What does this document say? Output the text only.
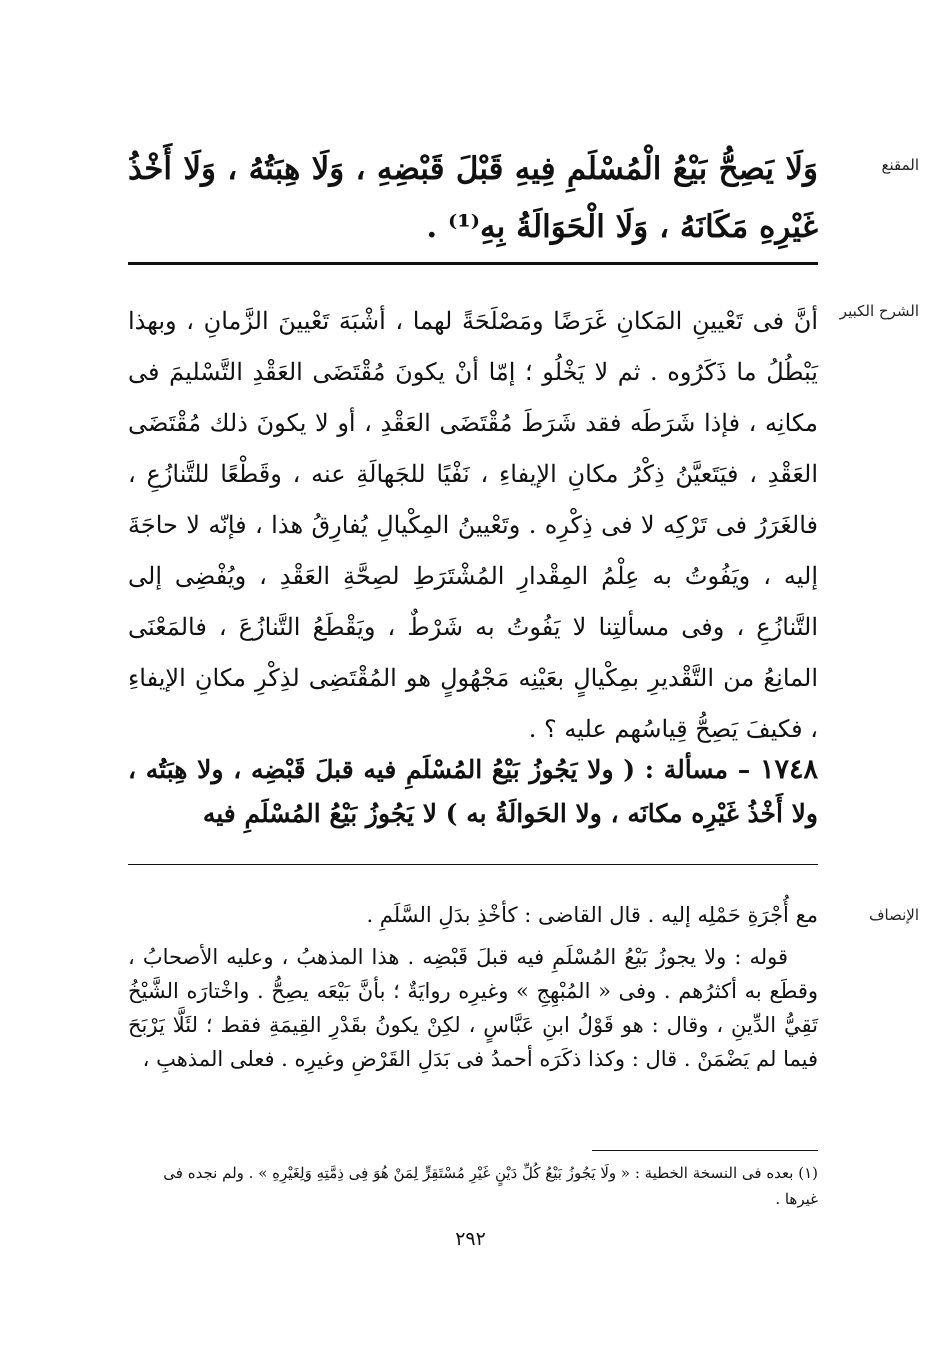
المقنع
وَلَا يَصِحُّ بَيْعُ الْمُسْلَمِ فِيهِ قَبْلَ قَبْضِهِ ، وَلَا هِبَتُهُ ، وَلَا أَخْذُ غَيْرِهِ مَكَانَهُ ، وَلَا الْحَوَالَةُ بِهِ⁽¹⁾ .
الشرح الكبير
أنَّ فى تَعْيينِ المَكانِ غَرَضًا ومَصْلَحَةً لهما ، أشْبَهَ تَعْيينَ الزَّمانِ ، وبهذا يَبْطُلُ ما ذَكَرُوه . ثم لا يَخْلُو ؛ إمّا أنْ يكونَ مُقْتَضَى العَقْدِ التَّسْليمَ فى مكانِه ، فإذا شَرَطَه فقد شَرَطَ مُقْتَضَى العَقْدِ ، أو لا يكونَ ذلك مُقْتَضَى العَقْدِ ، فيَتَعيَّنُ ذِكْرُ مكانِ الإيفاءِ ، نَفْيًا للجَهالَةِ عنه ، وقَطْعًا للتَّنازُعِ ، فالغَرَرُ فى تَرْكِه لا فى ذِكْرِه . وتَعْيينُ المِكْيالِ يُفارِقُ هذا ، فإنّه لا حاجَةَ إليه ، ويَفُوتُ به عِلْمُ المِقْدارِ المُشْتَرَطِ لصِحَّةِ العَقْدِ ، ويُفْضِى إلى التَّنازُعِ ، وفى مسألتِنا لا يَفُوتُ به شَرْطٌ ، ويَقْطَعُ التَّنازُعَ ، فالمَعْنَى المانِعُ من التَّقْديرِ بمِكْيالٍ بعَيْنِه مَجْهُولٍ هو المُقْتَضِى لذِكْرِ مكانِ الإيفاءِ ، فكيفَ يَصِحُّ قِياسُهم عليه ؟ .
١٧٤٨ – مسألة : ( ولا يَجُوزُ بَيْعُ المُسْلَمِ فيه قبلَ قَبْضِه ، ولا هِبَتُه ، ولا أَخْذُ غَيْرِه مكانَه ، ولا الحَوالَةُ به ) لا يَجُوزُ بَيْعُ المُسْلَمِ فيه
الإنصاف

مع أُجْرَةِ حَمْلِه إليه . قال القاضى : كأخْذِ بدَلِ السَّلَمِ .

قوله : ولا يجوزُ بَيْعُ المُسْلَمِ فيه قبلَ قَبْضِه . هذا المذهبُ ، وعليه الأصحابُ ، وقطَع به أكثرُهم . وفى « المُبْهِجِ » وغيرِه روايَةٌ ؛ بأنَّ بَيْعَه يصِحُّ . واخْتارَه الشَّيْخُ تَقِيُّ الدِّينِ ، وقال : هو قَوْلُ ابنِ عَبَّاسٍ ، لكِنْ يكونُ بقَدْرِ القِيمَةِ فقط ؛ لئَلَّا يَرْبَحَ فيما لم يَضْمَنْ . قال : وكذا ذكَرَه أحمدُ فى بَدَلِ القَرْضِ وغيرِه . فعلى المذهبِ ،

(١) بعده فى النسخة الخطية : « ولَا يَجُوزُ بَيْعُ كُلِّ دَيْنٍ غَيْرِ مُسْتَقِرٍّ لِمَنْ هُوَ فِى ذِمَّتِهِ وَلِغَيْرِهِ » . ولم نجده فى غيرها .
٢٩٢
